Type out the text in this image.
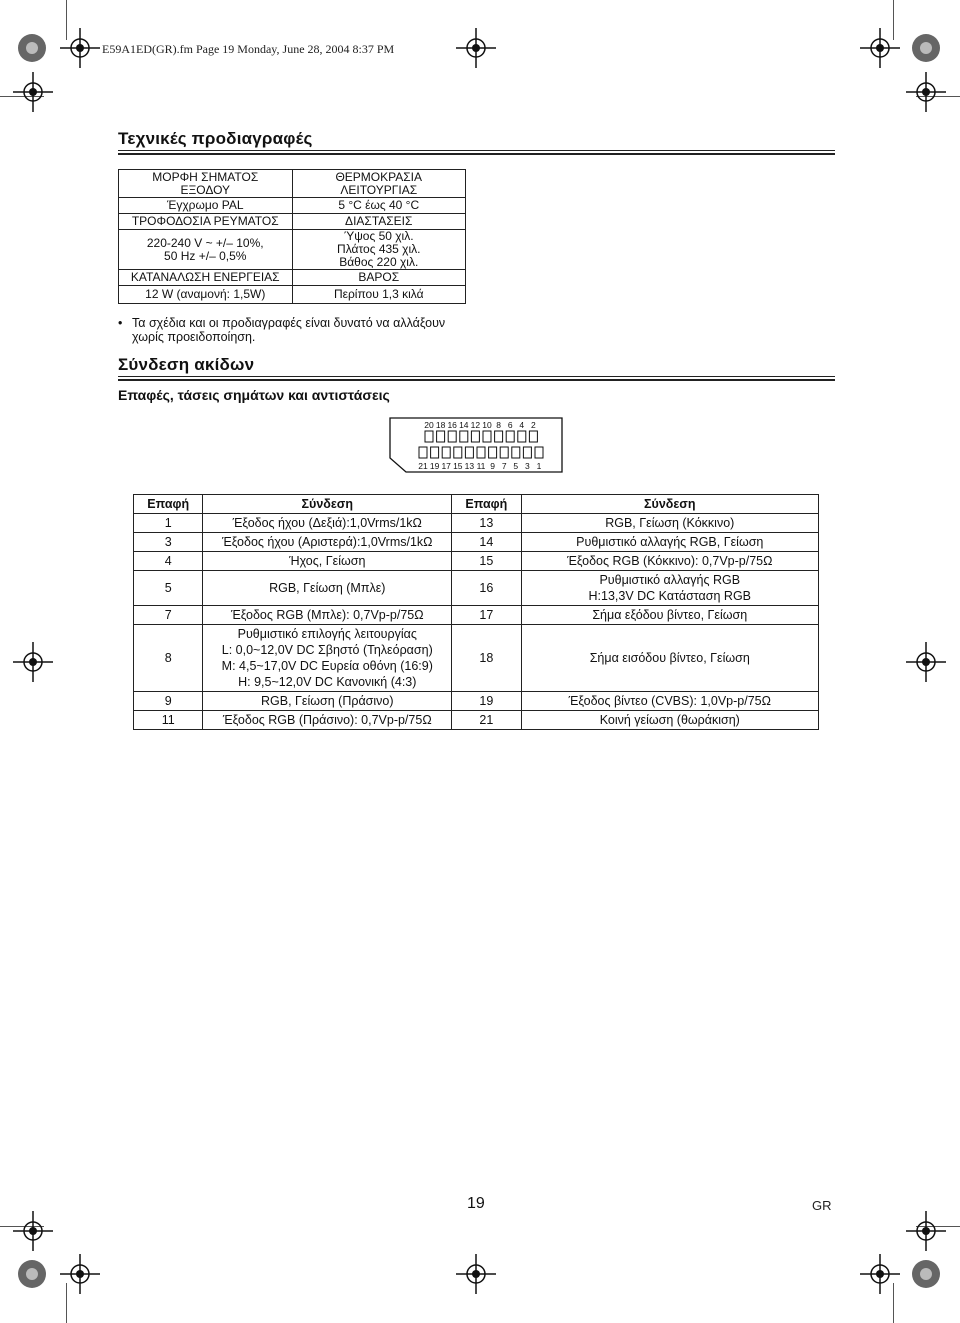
E59A1ED(GR).fm Page 19 Monday, June 28, 2004 8:37 PM
Τεχνικές προδιαγραφές
ΜΟΡΦΗ ΣΗΜΑΤΟΣ
ΕΞΟΔΟΥ	ΘΕΡΜΟΚΡΑΣΙΑ
ΛΕΙΤΟΥΡΓΙΑΣ
Έγχρωμο PAL	5 °C έως 40 °C
ΤΡΟΦΟΔΟΣΙΑ ΡΕΥΜΑΤΟΣ	ΔΙΑΣΤΑΣΕΙΣ
220-240 V ~ +/– 10%,
50 Hz +/– 0,5%	Ύψος 50 χιλ.
Πλάτος 435 χιλ.
Βάθος 220 χιλ.
ΚΑΤΑΝΑΛΩΣΗ ΕΝΕΡΓΕΙΑΣ	ΒΑΡΟΣ
12 W (αναμονή: 1,5W)	Περίπου 1,3 κιλά
• Τα σχέδια και οι προδιαγραφές είναι δυνατό να αλλάξουν χωρίς προειδοποίηση.
Σύνδεση ακίδων
Επαφές, τάσεις σημάτων και αντιστάσεις
20 18 16 14 12 10 8 6 4 2
21 19 17 15 13 11 9 7 5 3 1
Επαφή	Σύνδεση	Επαφή	Σύνδεση
1	Έξοδος ήχου (Δεξιά):1,0Vrms/1kΩ	13	RGB, Γείωση (Κόκκινο)
3	Έξοδος ήχου (Αριστερά):1,0Vrms/1kΩ	14	Ρυθμιστικό αλλαγής RGB, Γείωση
4	Ήχος, Γείωση	15	Έξοδος RGB (Κόκκινο): 0,7Vp-p/75Ω
5	RGB, Γείωση (Μπλε)	16	Ρυθμιστικό αλλαγής RGB
H:13,3V DC Κατάσταση RGB
7	Έξοδος RGB (Μπλε): 0,7Vp-p/75Ω	17	Σήμα εξόδου βίντεο, Γείωση
8	Ρυθμιστικό επιλογής λειτουργίας
L: 0,0~12,0V DC Σβηστό (Τηλεόραση)
M: 4,5~17,0V DC Ευρεία οθόνη (16:9)
H: 9,5~12,0V DC Κανονική (4:3)	18	Σήμα εισόδου βίντεο, Γείωση
9	RGB, Γείωση (Πράσινο)	19	Έξοδος βίντεο (CVBS): 1,0Vp-p/75Ω
11	Έξοδος RGB (Πράσινο): 0,7Vp-p/75Ω	21	Κοινή γείωση (θωράκιση)
19	GR
